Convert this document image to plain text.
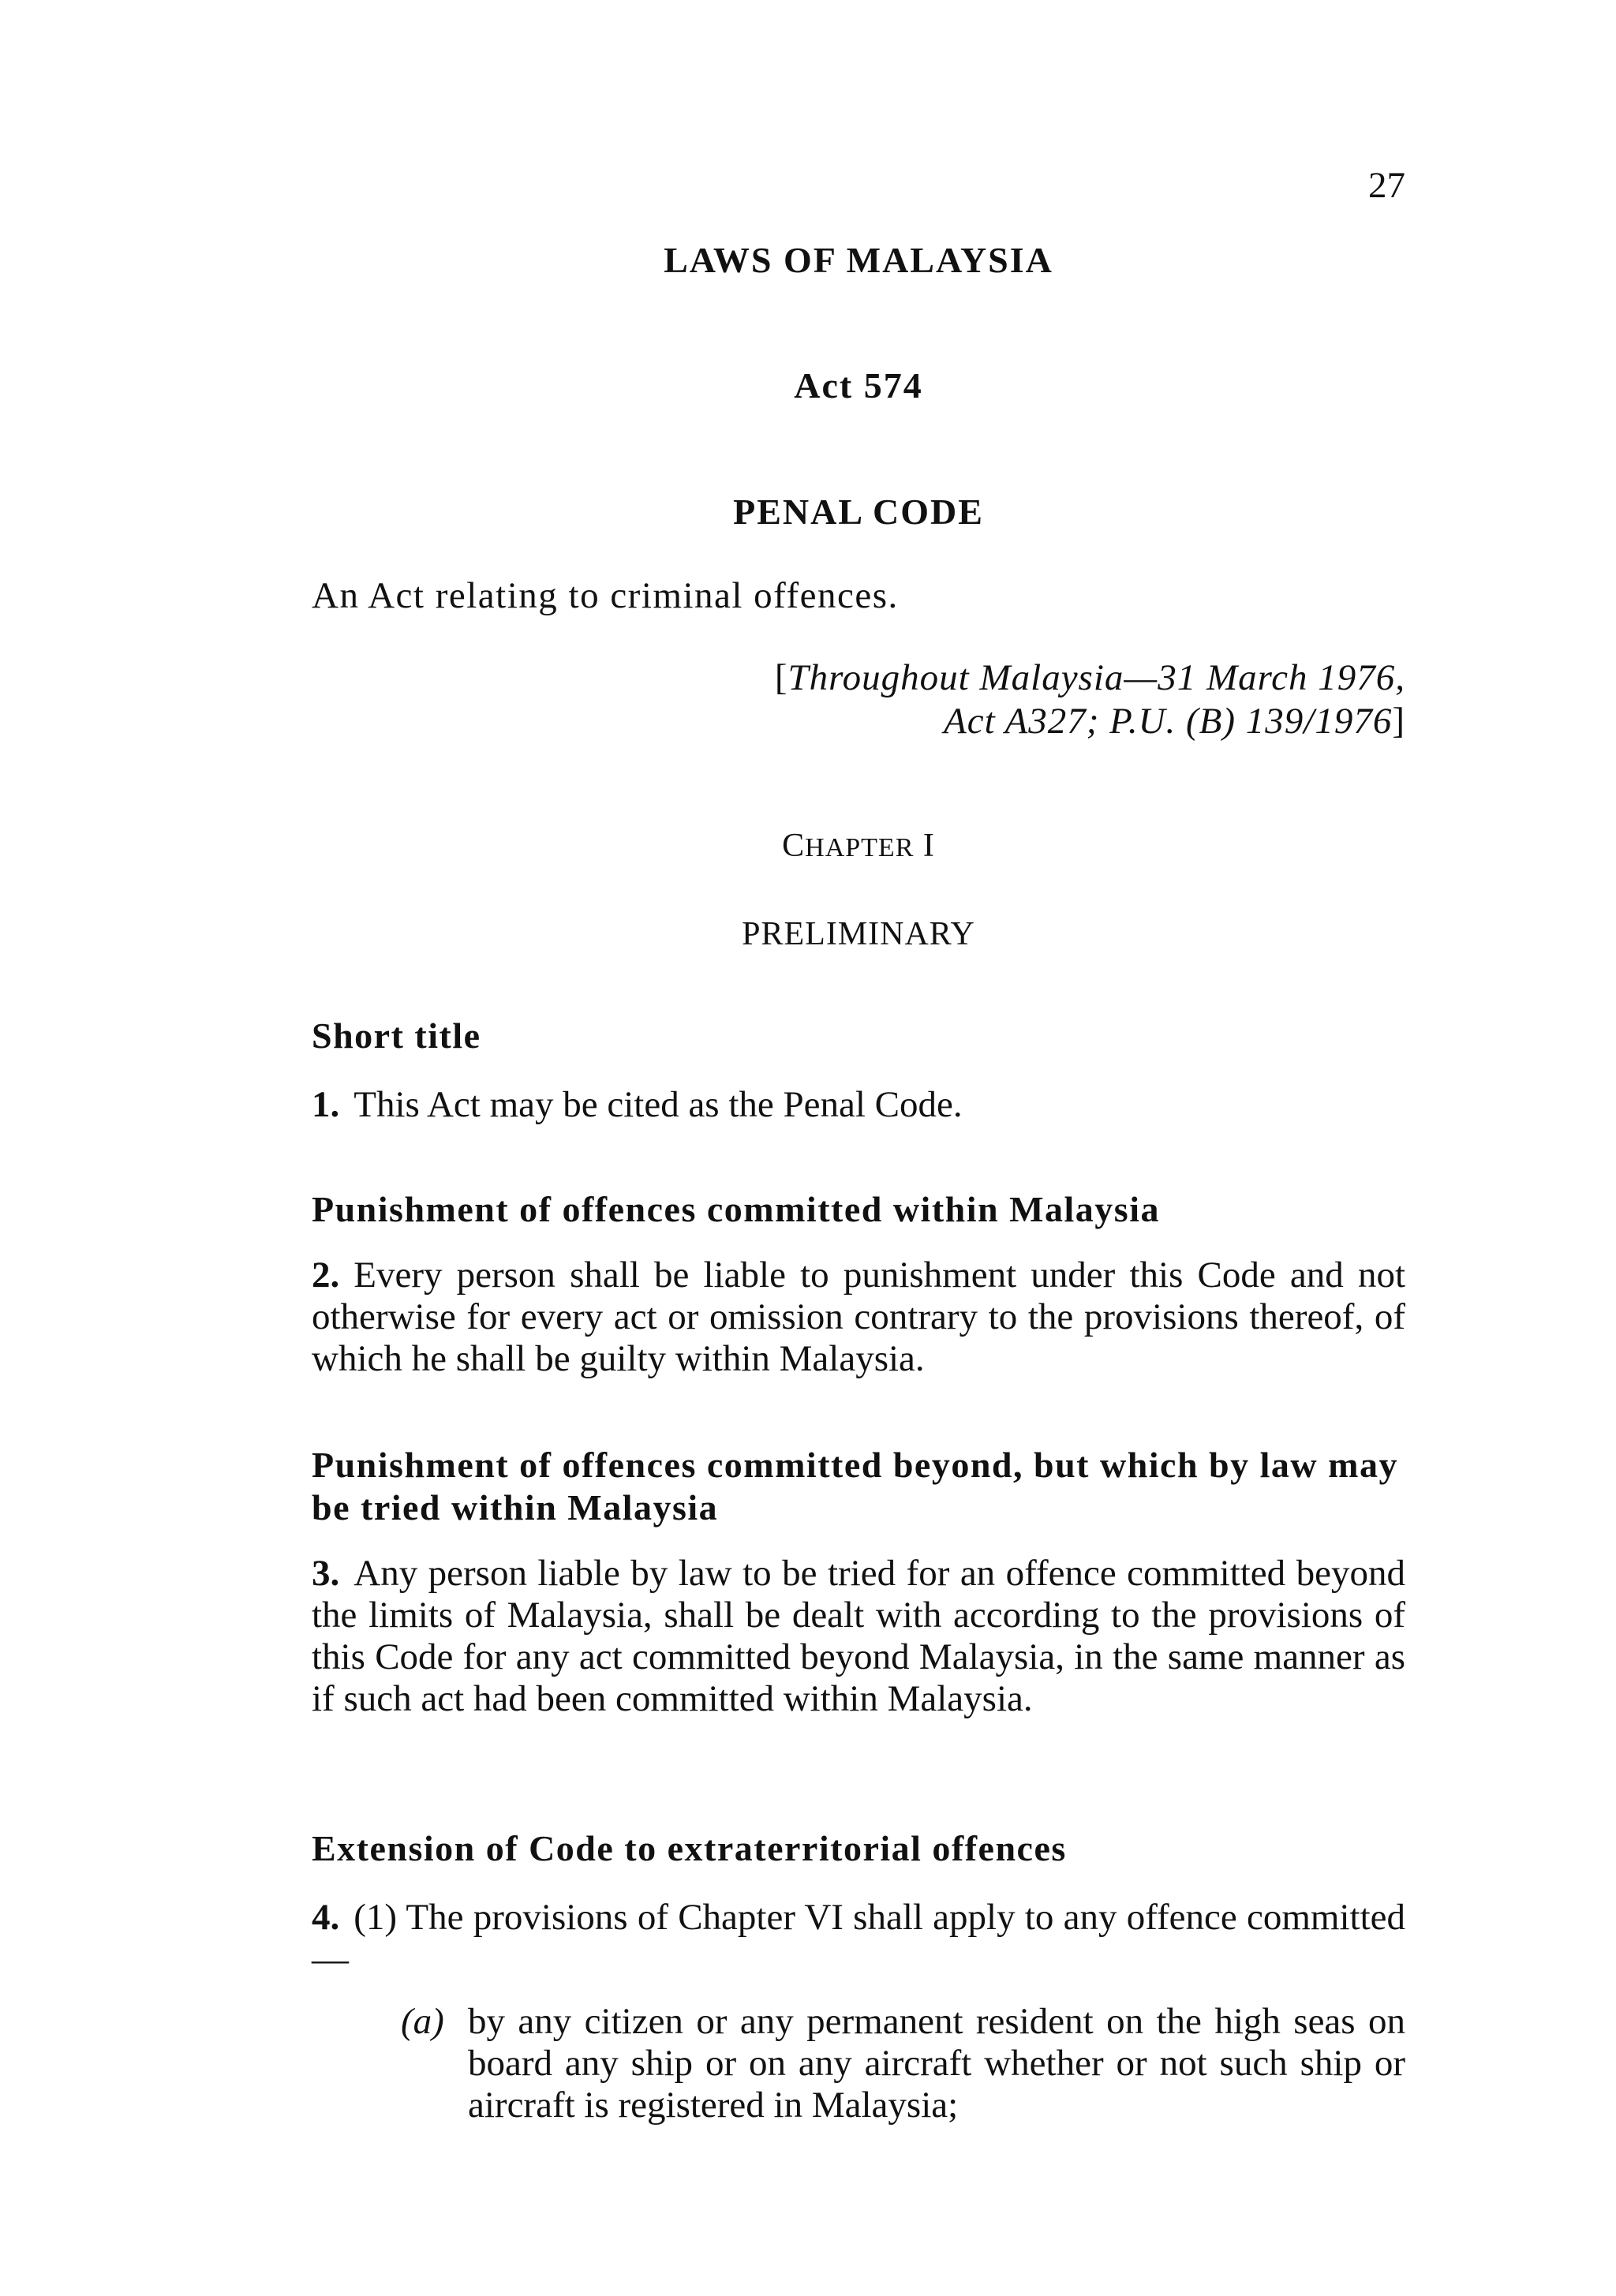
27
LAWS OF MALAYSIA
Act 574
PENAL CODE
An Act relating to criminal offences.
[Throughout Malaysia—31 March 1976,
Act A327; P.U. (B) 139/1976]
CHAPTER I
PRELIMINARY
Short title
1. This Act may be cited as the Penal Code.
Punishment of offences committed within Malaysia
2. Every person shall be liable to punishment under this Code and not otherwise for every act or omission contrary to the provisions thereof, of which he shall be guilty within Malaysia.
Punishment of offences committed beyond, but which by law may be tried within Malaysia
3. Any person liable by law to be tried for an offence committed beyond the limits of Malaysia, shall be dealt with according to the provisions of this Code for any act committed beyond Malaysia, in the same manner as if such act had been committed within Malaysia.
Extension of Code to extraterritorial offences
4. (1) The provisions of Chapter VI shall apply to any offence committed—
(a) by any citizen or any permanent resident on the high seas on board any ship or on any aircraft whether or not such ship or aircraft is registered in Malaysia;
